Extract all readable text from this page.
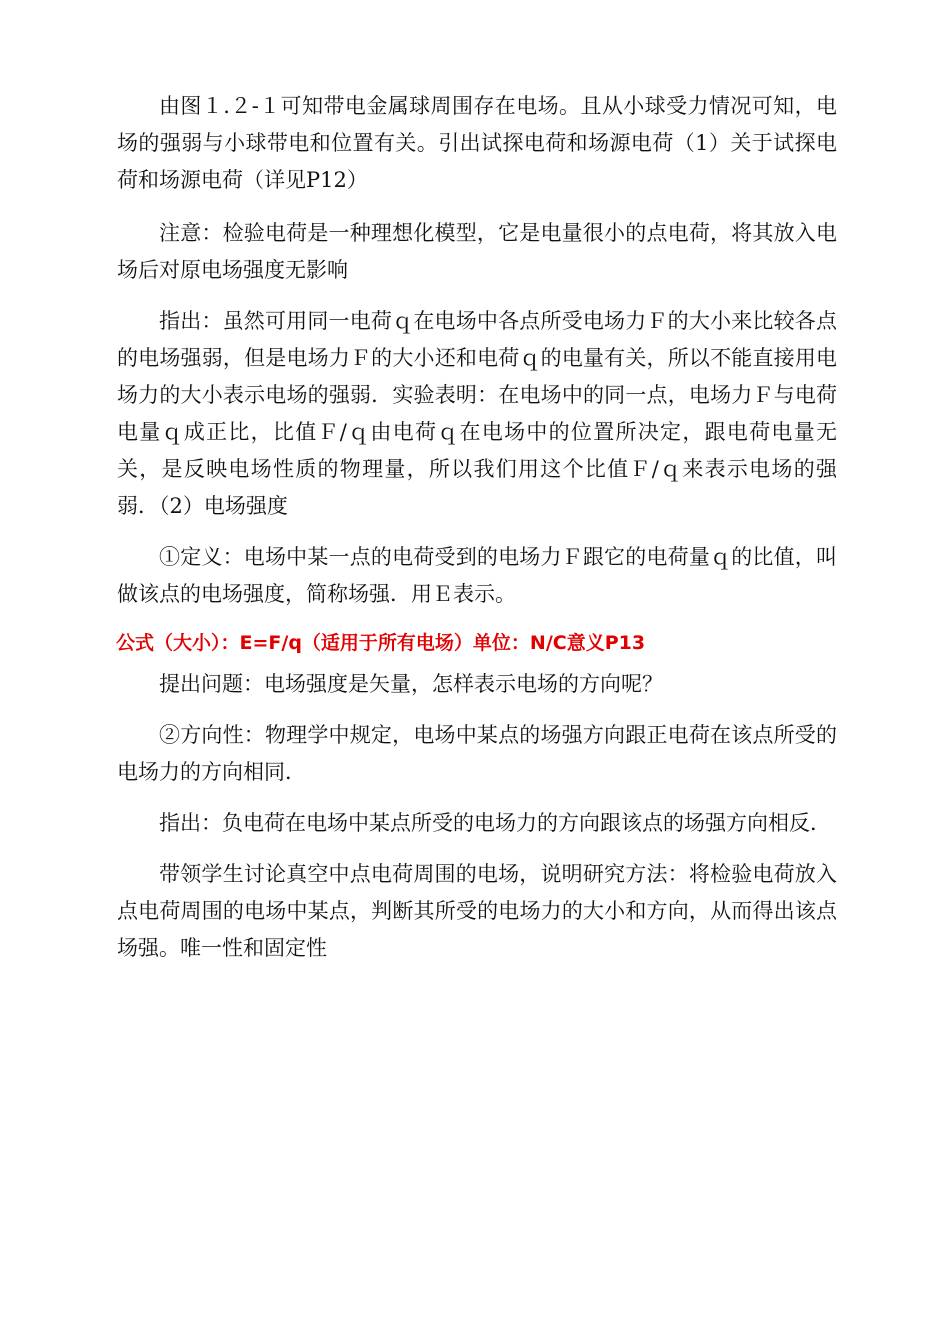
由图１.２-１可知带电金属球周围存在电场。且从小球受力情况可知，电场的强弱与小球带电和位置有关。引出试探电荷和场源电荷（1）关于试探电荷和场源电荷（详见P12）

注意：检验电荷是一种理想化模型，它是电量很小的点电荷，将其放入电场后对原电场强度无影响

指出：虽然可用同一电荷ｑ在电场中各点所受电场力Ｆ的大小来比较各点的电场强弱，但是电场力Ｆ的大小还和电荷ｑ的电量有关，所以不能直接用电场力的大小表示电场的强弱．实验表明：在电场中的同一点，电场力Ｆ与电荷电量ｑ成正比，比值Ｆ/ｑ由电荷ｑ在电场中的位置所决定，跟电荷电量无关，是反映电场性质的物理量，所以我们用这个比值Ｆ/ｑ来表示电场的强弱．（2）电场强度

①定义：电场中某一点的电荷受到的电场力Ｆ跟它的电荷量ｑ的比值，叫做该点的电场强度，简称场强．用Ｅ表示。

公式（大小）：E=F/q（适用于所有电场）单位：N/C意义P13

提出问题：电场强度是矢量，怎样表示电场的方向呢？

②方向性：物理学中规定，电场中某点的场强方向跟正电荷在该点所受的电场力的方向相同．

指出：负电荷在电场中某点所受的电场力的方向跟该点的场强方向相反．

带领学生讨论真空中点电荷周围的电场，说明研究方法：将检验电荷放入点电荷周围的电场中某点，判断其所受的电场力的大小和方向，从而得出该点场强。唯一性和固定性
